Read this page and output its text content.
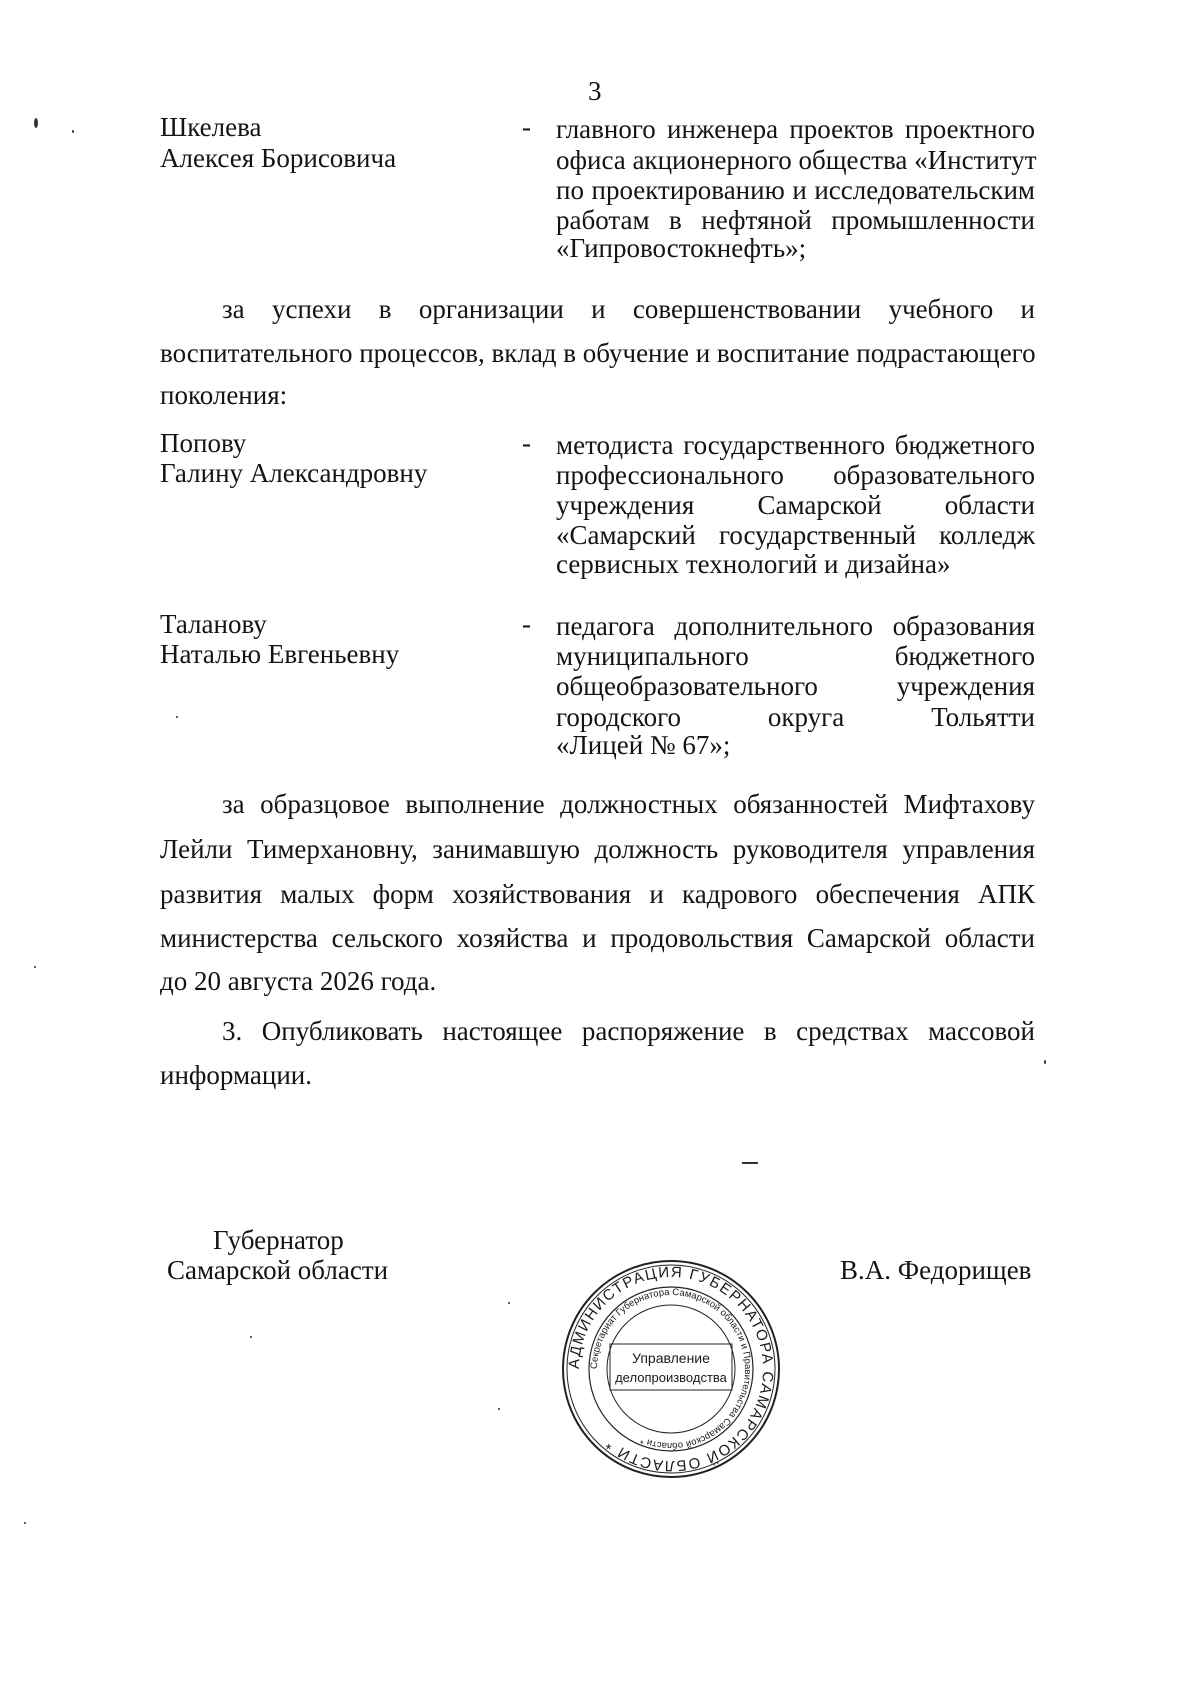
3
Шкелева
Алексея Борисовича
- главного инженера проектов проектного
офиса акционерного общества «Институт
по проектированию и исследовательским
работам в нефтяной промышленности
«Гипровостокнефть»;
за успехи в организации и совершенствовании учебного и
воспитательного процессов, вклад в обучение и воспитание подрастающего
поколения:
Попову
Галину Александровну
- методиста государственного бюджетного
профессионального образовательного
учреждения Самарской области
«Самарский государственный колледж
сервисных технологий и дизайна»
Таланову
Наталью Евгеньевну
- педагога дополнительного образования
муниципального бюджетного
общеобразовательного учреждения
городского округа Тольятти
«Лицей № 67»;
за образцовое выполнение должностных обязанностей Мифтахову
Лейли Тимерхановну, занимавшую должность руководителя управления
развития малых форм хозяйствования и кадрового обеспечения АПК
министерства сельского хозяйства и продовольствия Самарской области
до 20 августа 2026 года.
3. Опубликовать настоящее распоряжение в средствах массовой
информации.
Губернатор
Самарской области	В.А. Федорищев
АДМИНИСТРАЦИЯ ГУБЕРНАТОРА САМАРСКОЙ ОБЛАСТИ *
Секретариат Губернатора Самарской области и Правительства Самарской области *
Управление
делопроизводства
